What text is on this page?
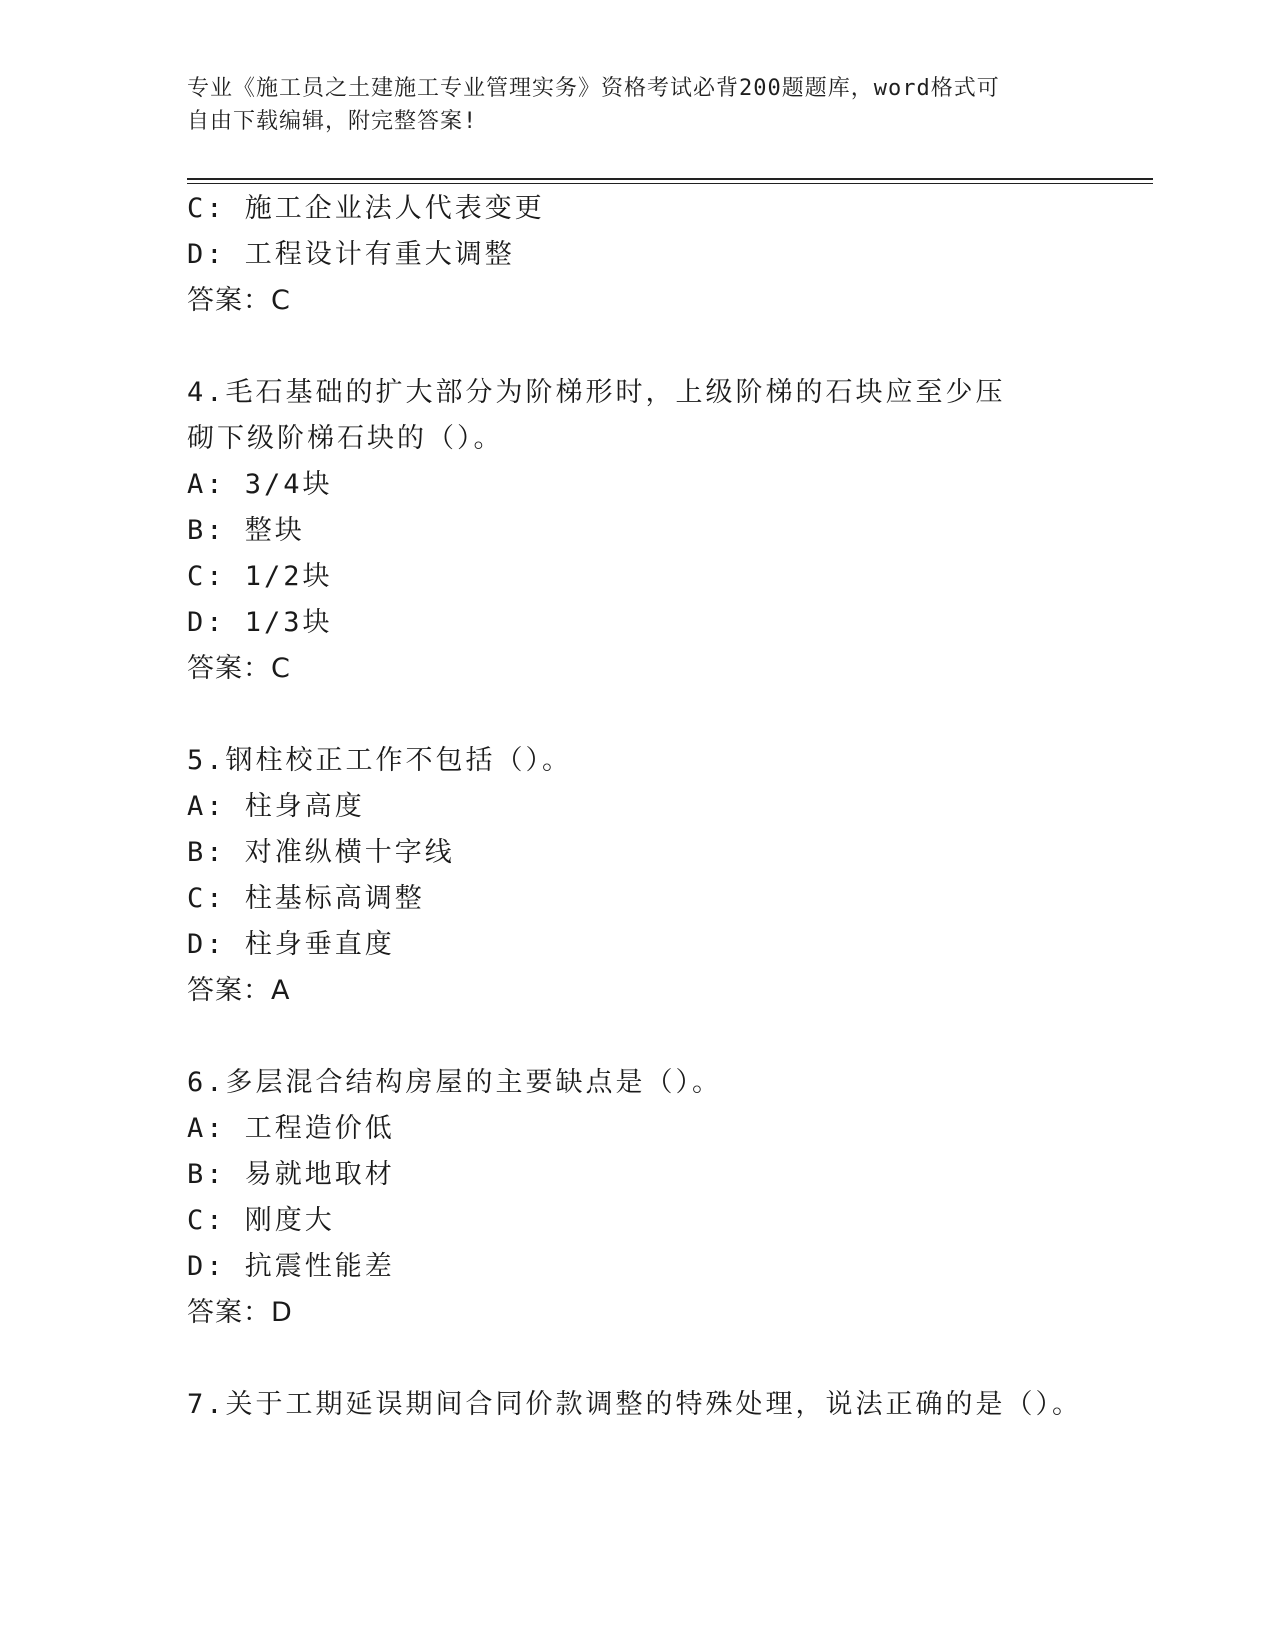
专业《施工员之土建施工专业管理实务》资格考试必背200题题库，word格式可
自由下载编辑，附完整答案!
C: 施工企业法人代表变更
D: 工程设计有重大调整
答案：C
4.毛石基础的扩大部分为阶梯形时，上级阶梯的石块应至少压砌下级阶梯石块的（）。
A: 3/4块
B: 整块
C: 1/2块
D: 1/3块
答案：C
5.钢柱校正工作不包括（）。
A: 柱身高度
B: 对准纵横十字线
C: 柱基标高调整
D: 柱身垂直度
答案：A
6.多层混合结构房屋的主要缺点是（）。
A: 工程造价低
B: 易就地取材
C: 刚度大
D: 抗震性能差
答案：D
7.关于工期延误期间合同价款调整的特殊处理，说法正确的是（）。
